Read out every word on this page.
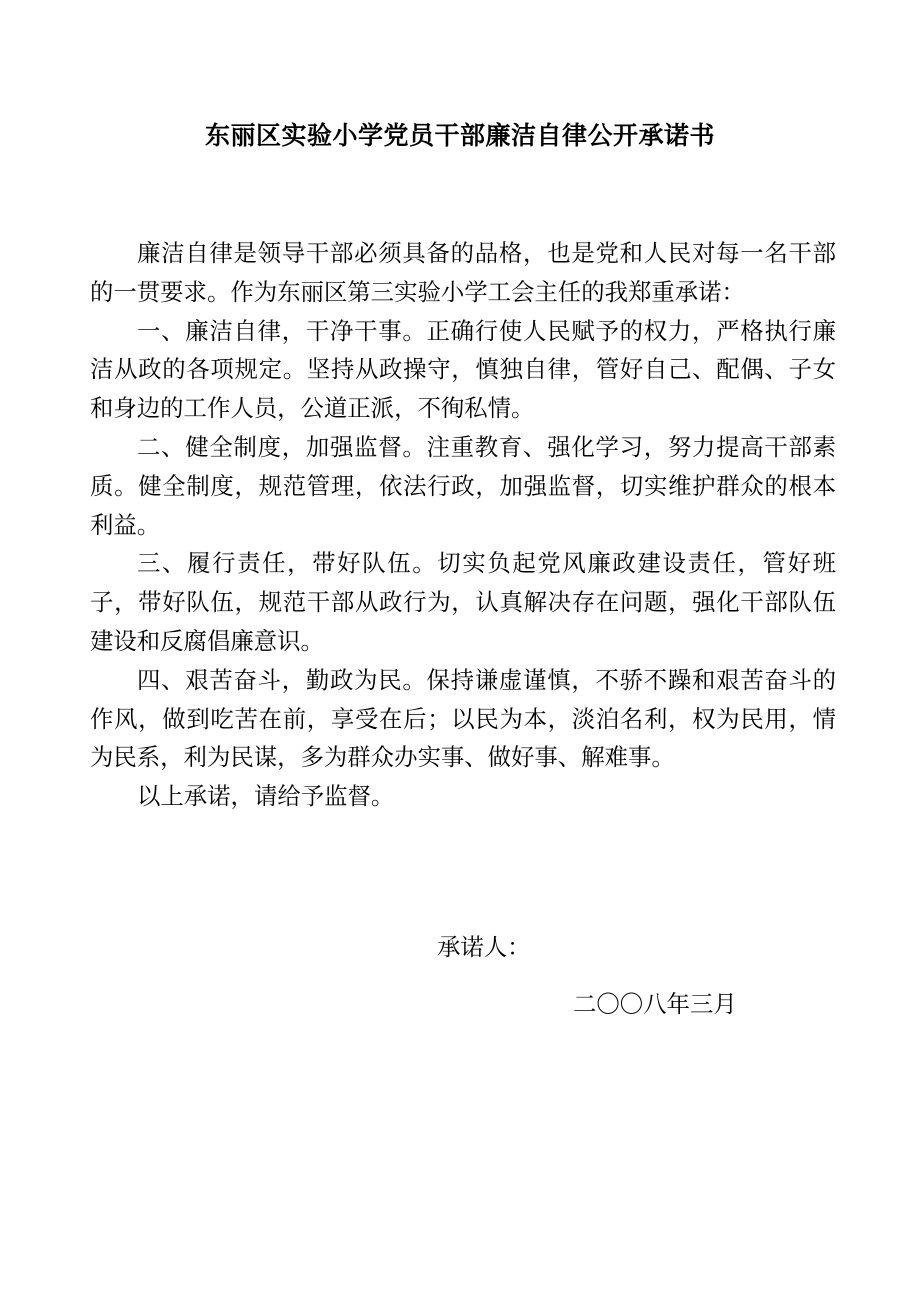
东丽区实验小学党员干部廉洁自律公开承诺书

廉洁自律是领导干部必须具备的品格，也是党和人民对每一名干部的一贯要求。作为东丽区第三实验小学工会主任的我郑重承诺：

一、廉洁自律，干净干事。正确行使人民赋予的权力，严格执行廉洁从政的各项规定。坚持从政操守，慎独自律，管好自己、配偶、子女和身边的工作人员，公道正派，不徇私情。

二、健全制度，加强监督。注重教育、强化学习，努力提高干部素质。健全制度，规范管理，依法行政，加强监督，切实维护群众的根本利益。

三、履行责任，带好队伍。切实负起党风廉政建设责任，管好班子，带好队伍，规范干部从政行为，认真解决存在问题，强化干部队伍建设和反腐倡廉意识。

四、艰苦奋斗，勤政为民。保持谦虚谨慎，不骄不躁和艰苦奋斗的作风，做到吃苦在前，享受在后；以民为本，淡泊名利，权为民用，情为民系，利为民谋，多为群众办实事、做好事、解难事。

以上承诺，请给予监督。

承诺人：
二〇〇八年三月
